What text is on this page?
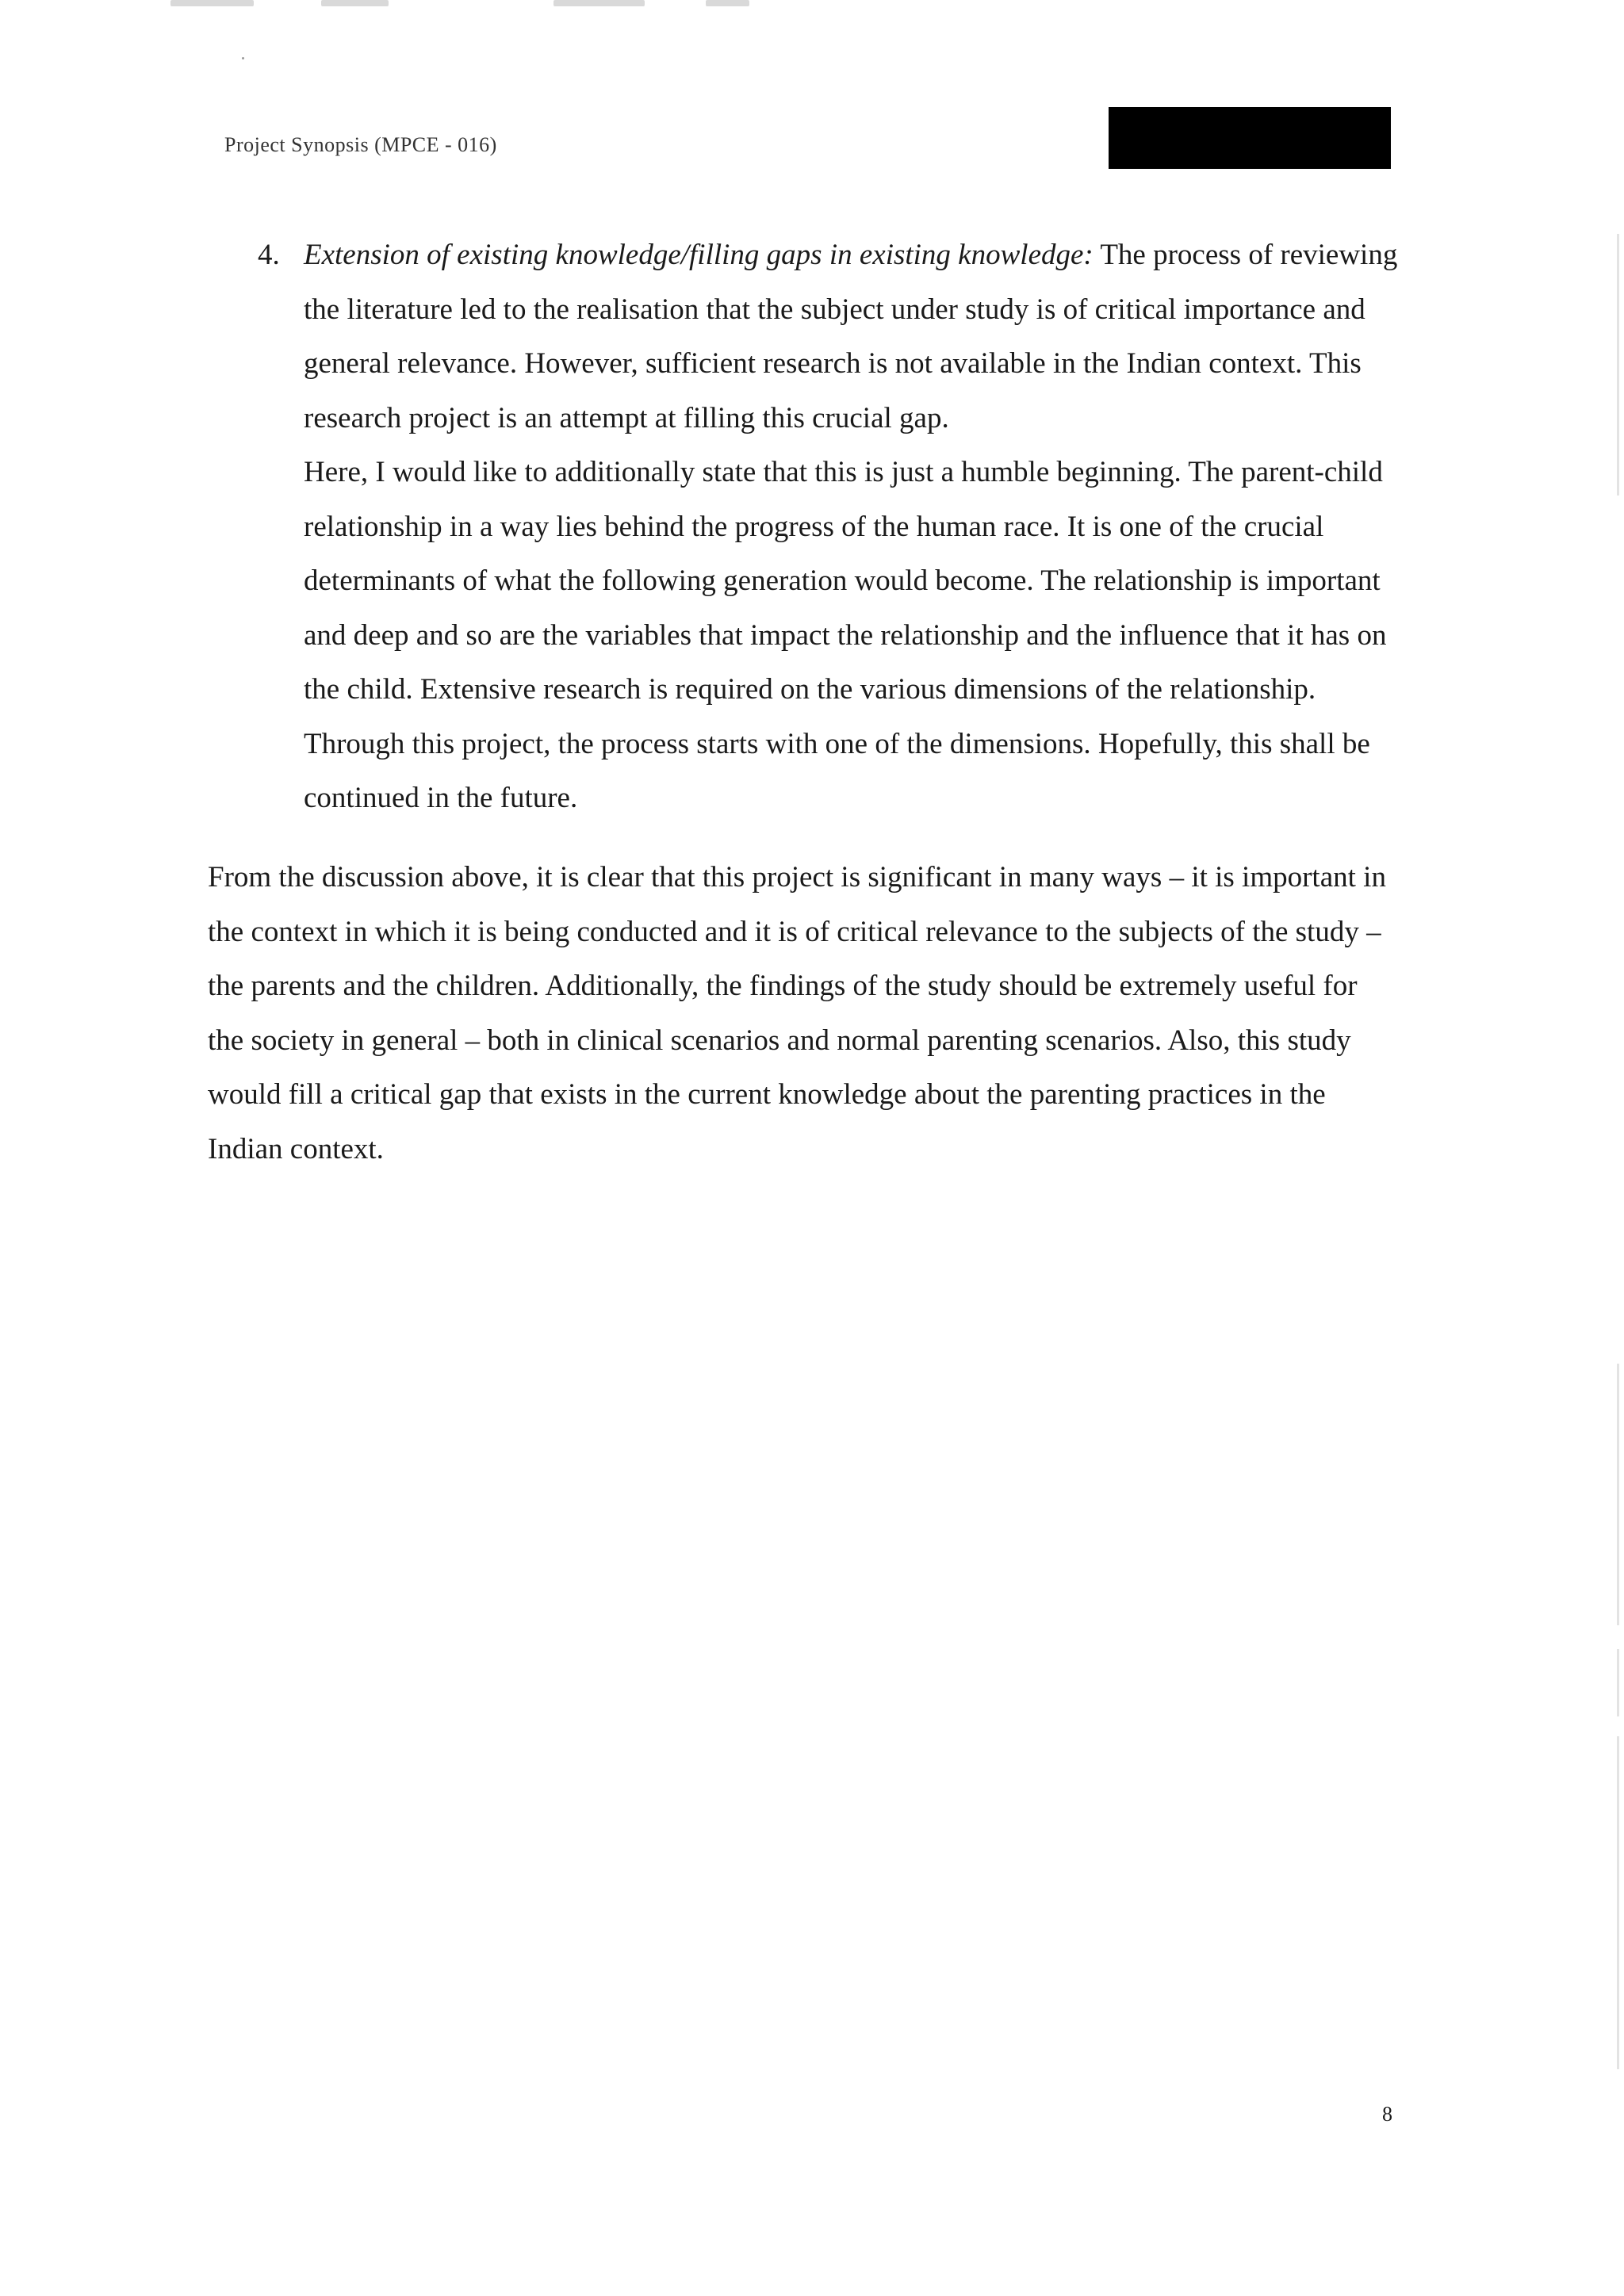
Project Synopsis (MPCE - 016)
4. Extension of existing knowledge/filling gaps in existing knowledge: The process of reviewing the literature led to the realisation that the subject under study is of critical importance and general relevance. However, sufficient research is not available in the Indian context. This research project is an attempt at filling this crucial gap.

Here, I would like to additionally state that this is just a humble beginning. The parent-child relationship in a way lies behind the progress of the human race. It is one of the crucial determinants of what the following generation would become. The relationship is important and deep and so are the variables that impact the relationship and the influence that it has on the child. Extensive research is required on the various dimensions of the relationship. Through this project, the process starts with one of the dimensions. Hopefully, this shall be continued in the future.

From the discussion above, it is clear that this project is significant in many ways – it is important in the context in which it is being conducted and it is of critical relevance to the subjects of the study – the parents and the children. Additionally, the findings of the study should be extremely useful for the society in general – both in clinical scenarios and normal parenting scenarios. Also, this study would fill a critical gap that exists in the current knowledge about the parenting practices in the Indian context.

8
